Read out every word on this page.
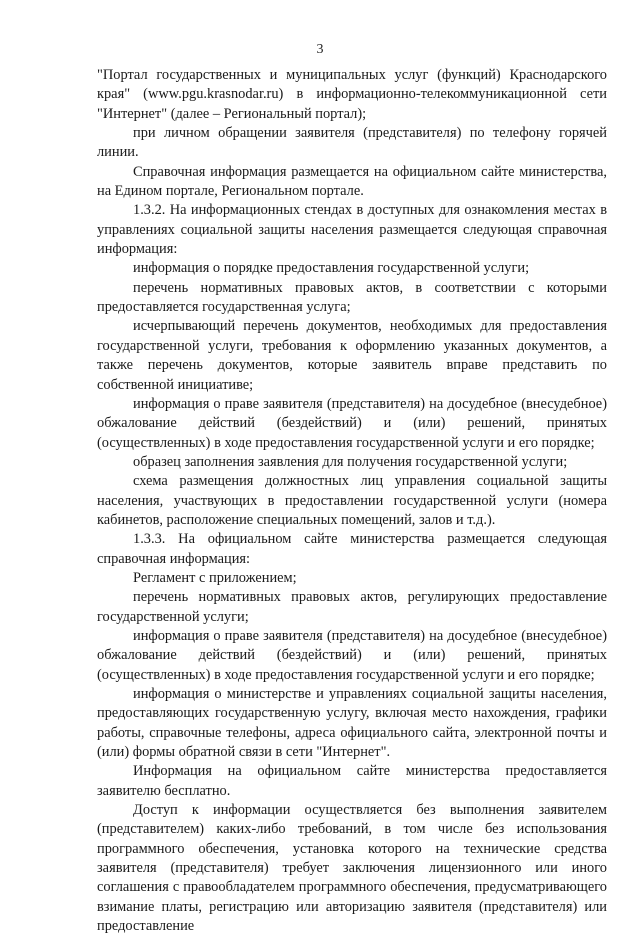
3

"Портал государственных и муниципальных услуг (функций) Краснодарского края" (www.pgu.krasnodar.ru) в информационно-телекоммуникационной сети "Интернет" (далее – Региональный портал);

при личном обращении заявителя (представителя) по телефону горячей линии.

Справочная информация размещается на официальном сайте министерства, на Едином портале, Региональном портале.

1.3.2. На информационных стендах в доступных для ознакомления местах в управлениях социальной защиты населения размещается следующая справочная информация:

информация о порядке предоставления государственной услуги;

перечень нормативных правовых актов, в соответствии с которыми предоставляется государственная услуга;

исчерпывающий перечень документов, необходимых для предоставления государственной услуги, требования к оформлению указанных документов, а также перечень документов, которые заявитель вправе представить по собственной инициативе;

информация о праве заявителя (представителя) на досудебное (внесудебное) обжалование действий (бездействий) и (или) решений, принятых (осуществленных) в ходе предоставления государственной услуги и его порядке;

образец заполнения заявления для получения государственной услуги;

схема размещения должностных лиц управления социальной защиты населения, участвующих в предоставлении государственной услуги (номера кабинетов, расположение специальных помещений, залов и т.д.).

1.3.3. На официальном сайте министерства размещается следующая справочная информация:

Регламент с приложением;

перечень нормативных правовых актов, регулирующих предоставление государственной услуги;

информация о праве заявителя (представителя) на досудебное (внесудебное) обжалование действий (бездействий) и (или) решений, принятых (осуществленных) в ходе предоставления государственной услуги и его порядке;

информация о министерстве и управлениях социальной защиты населения, предоставляющих государственную услугу, включая место нахождения, графики работы, справочные телефоны, адреса официального сайта, электронной почты и (или) формы обратной связи в сети "Интернет".

Информация на официальном сайте министерства предоставляется заявителю бесплатно.

Доступ к информации осуществляется без выполнения заявителем (представителем) каких-либо требований, в том числе без использования программного обеспечения, установка которого на технические средства заявителя (представителя) требует заключения лицензионного или иного соглашения с правообладателем программного обеспечения, предусматривающего взимание платы, регистрацию или авторизацию заявителя (представителя) или предоставление
